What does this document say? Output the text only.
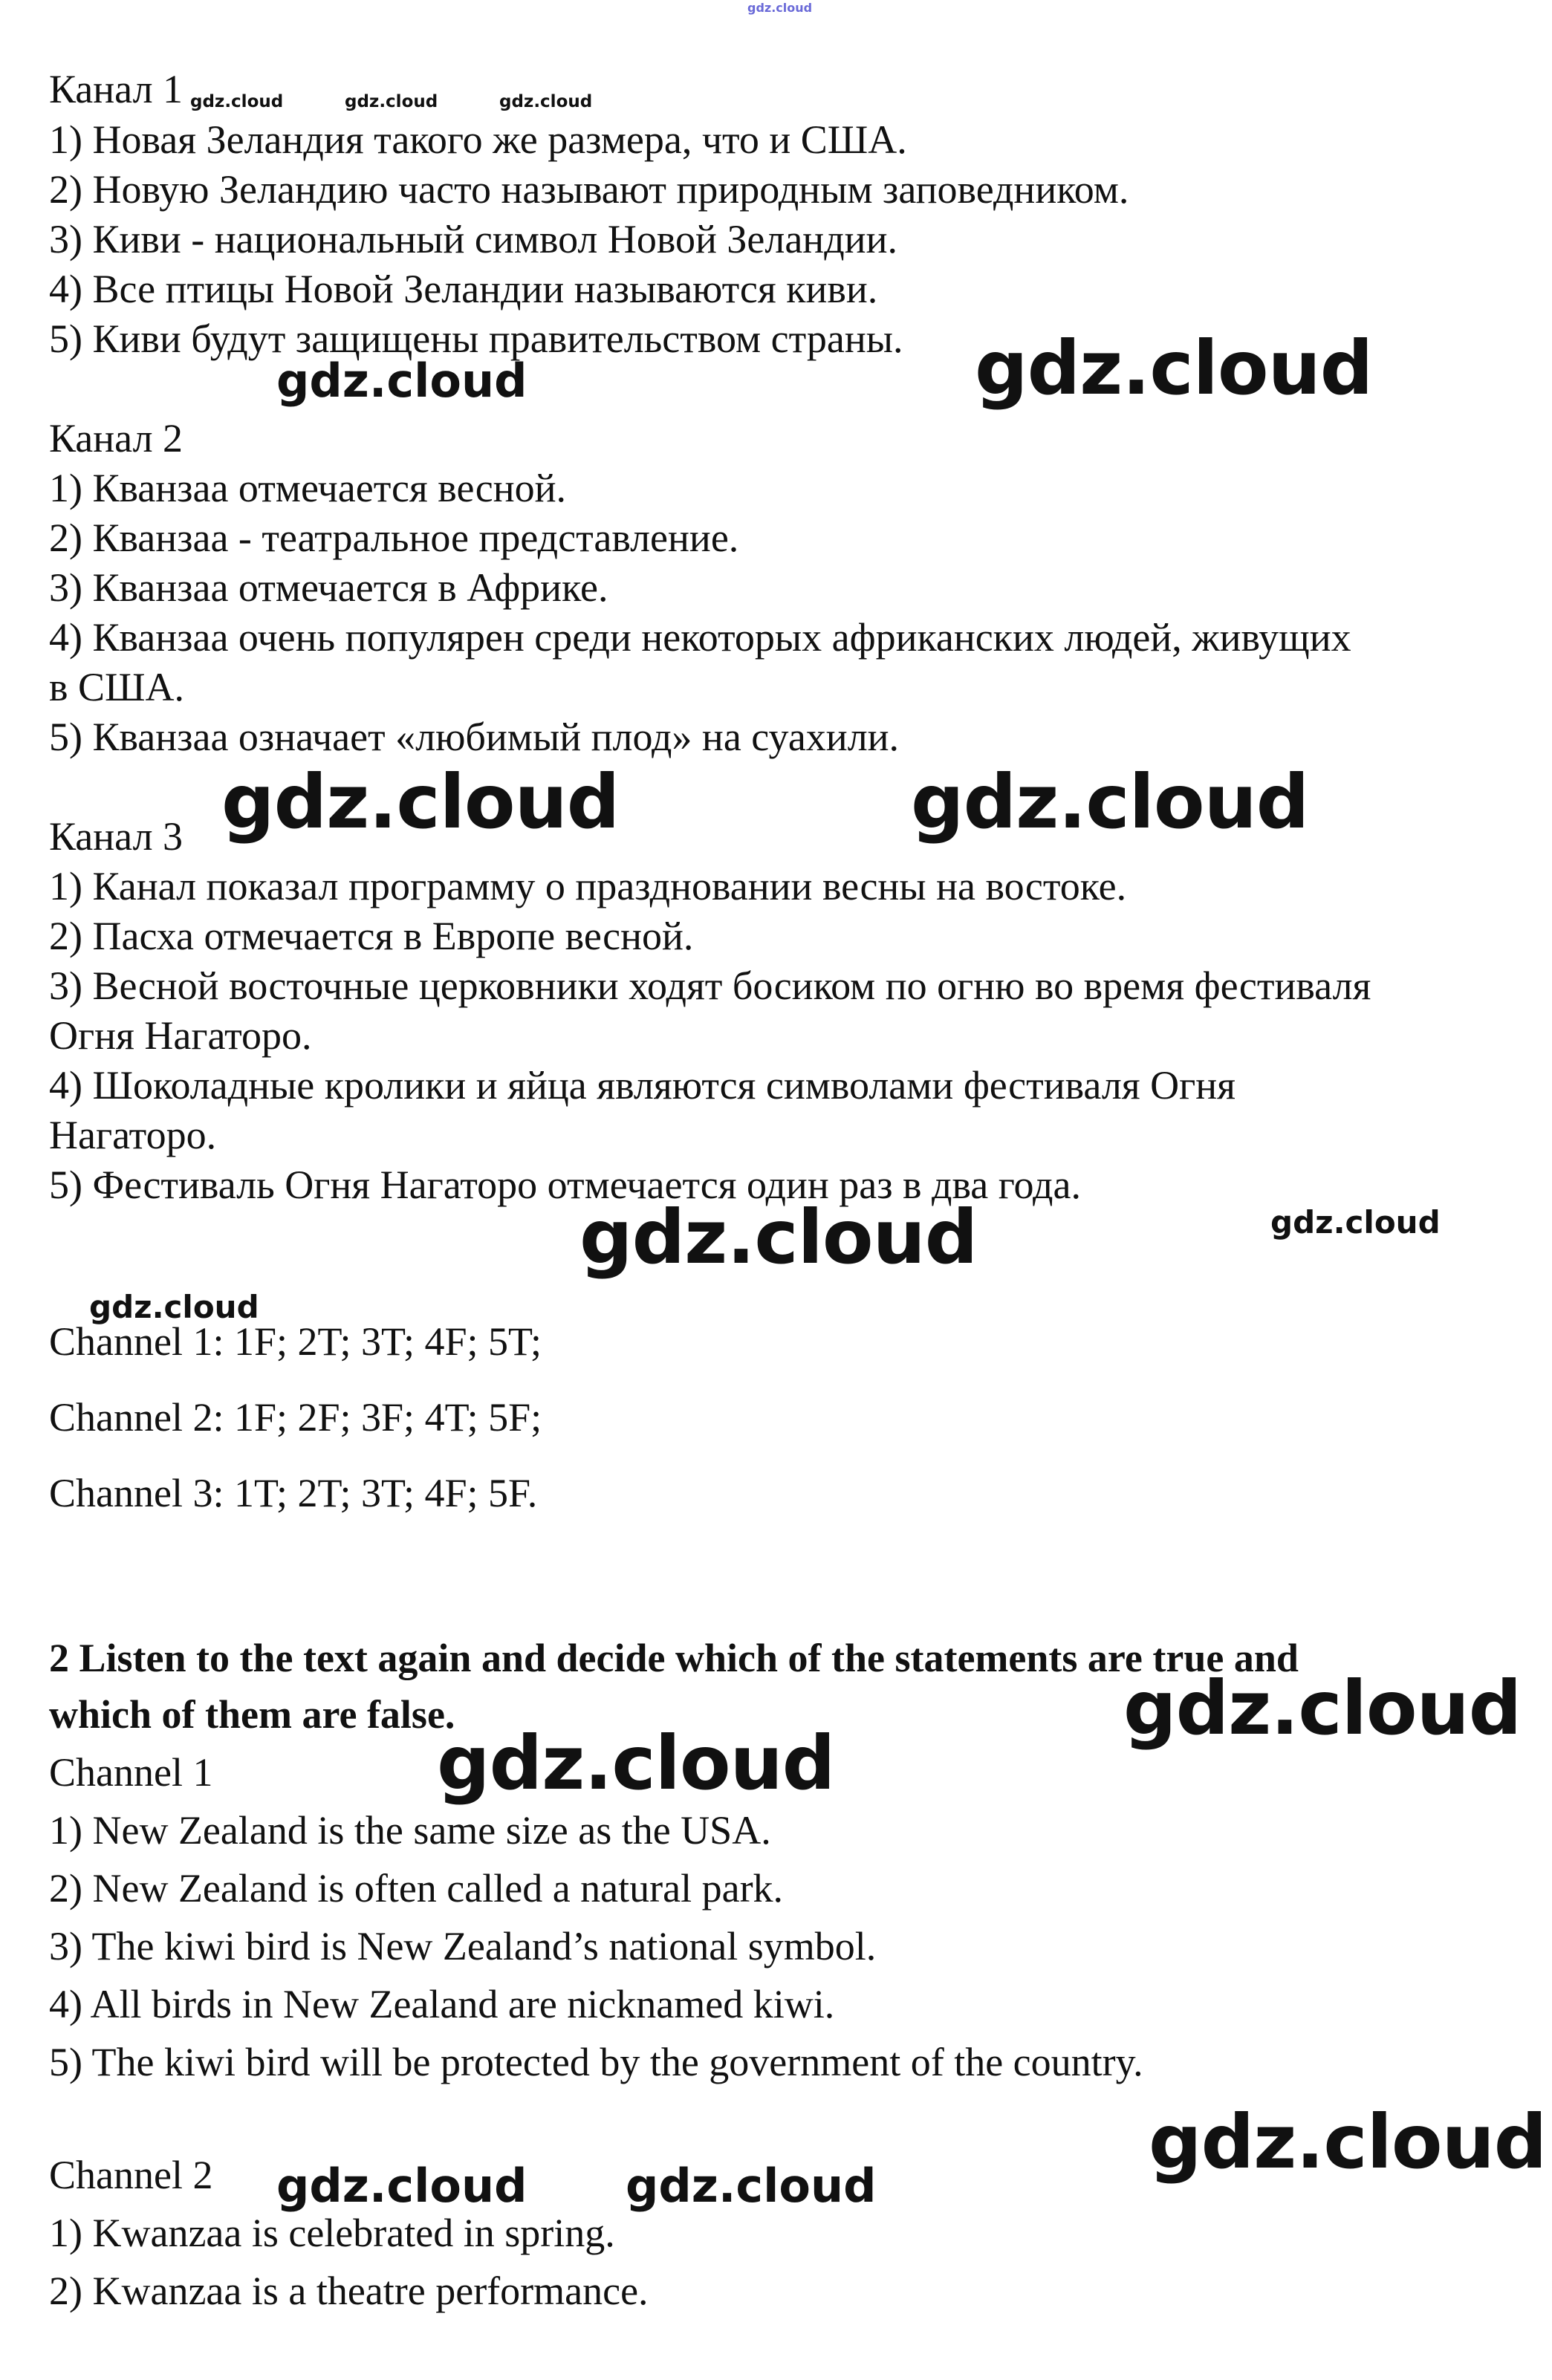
gdz.cloud
Канал 1 gdz.cloud	gdz.cloud	gdz.cloud
1) Новая Зеландия такого же размера, что и США.
2) Новую Зеландию часто называют природным заповедником.
3) Киви - национальный символ Новой Зеландии.
4) Все птицы Новой Зеландии называются киви.
5) Киви будут защищены правительством страны.
gdz.cloud	gdz.cloud
Канал 2
1) Кванзаа отмечается весной.
2) Кванзаа - театральное представление.
3) Кванзаа отмечается в Африке.
4) Кванзаа очень популярен среди некоторых африканских людей, живущих
в США.
5) Кванзаа означает «любимый плод» на суахили.
gdz.cloud	gdz.cloud
Канал 3
1) Канал показал программу о праздновании весны на востоке.
2) Пасха отмечается в Европе весной.
3) Весной восточные церковники ходят босиком по огню во время фестиваля
Огня Нагаторо.
4) Шоколадные кролики и яйца являются символами фестиваля Огня
Нагаторо.
5) Фестиваль Огня Нагаторо отмечается один раз в два года.
gdz.cloud	gdz.cloud
gdz.cloud
Channel 1: 1F; 2T; 3T; 4F; 5T;
Channel 2: 1F; 2F; 3F; 4T; 5F;
Channel 3: 1T; 2T; 3T; 4F; 5F.
2 Listen to the text again and decide which of the statements are true and
which of them are false.	gdz.cloud
Channel 1	gdz.cloud
1) New Zealand is the same size as the USA.
2) New Zealand is often called a natural park.
3) The kiwi bird is New Zealand’s national symbol.
4) All birds in New Zealand are nicknamed kiwi.
5) The kiwi bird will be protected by the government of the country.
gdz.cloud
Channel 2 gdz.cloud gdz.cloud
1) Kwanzaa is celebrated in spring.
2) Kwanzaa is a theatre performance.
